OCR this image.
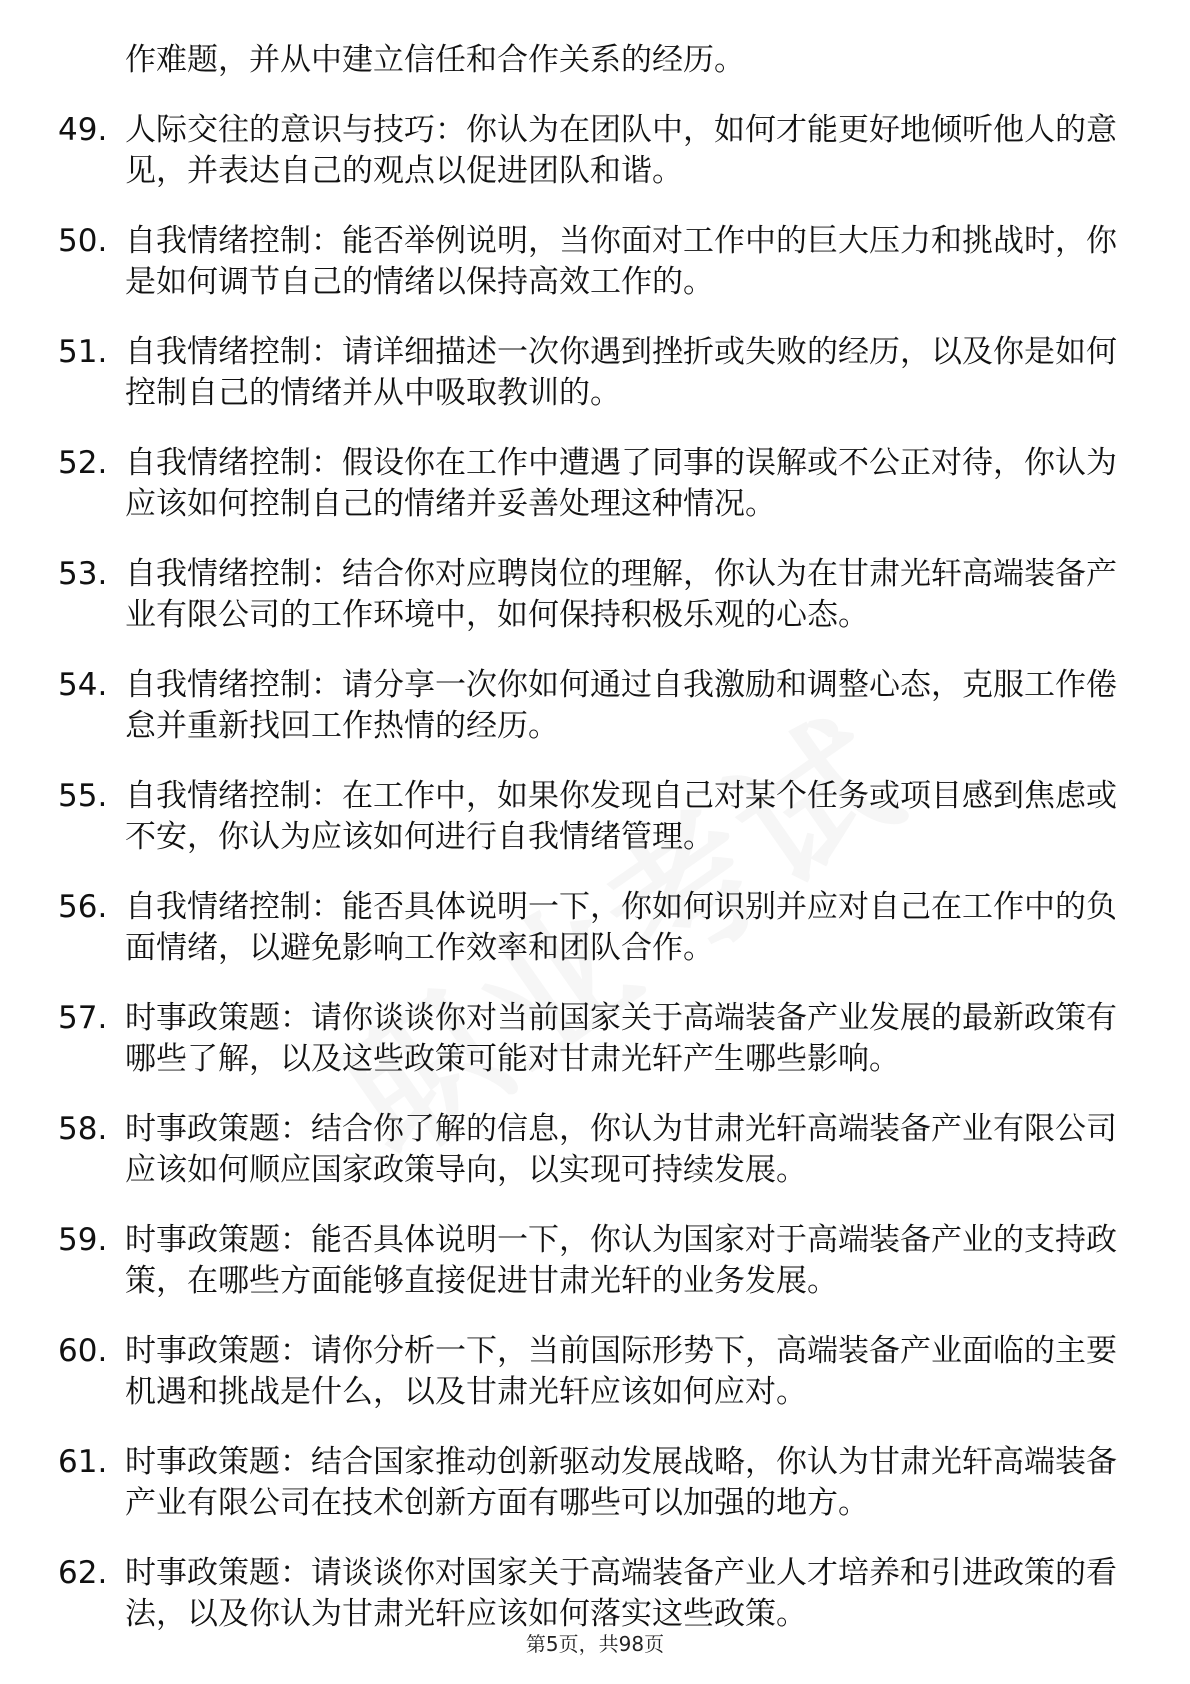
作难题，并从中建立信任和合作关系的经历。
49. 人际交往的意识与技巧：你认为在团队中，如何才能更好地倾听他人的意见，并表达自己的观点以促进团队和谐。
50. 自我情绪控制：能否举例说明，当你面对工作中的巨大压力和挑战时，你是如何调节自己的情绪以保持高效工作的。
51. 自我情绪控制：请详细描述一次你遇到挫折或失败的经历，以及你是如何控制自己的情绪并从中吸取教训的。
52. 自我情绪控制：假设你在工作中遭遇了同事的误解或不公正对待，你认为应该如何控制自己的情绪并妥善处理这种情况。
53. 自我情绪控制：结合你对应聘岗位的理解，你认为在甘肃光轩高端装备产业有限公司的工作环境中，如何保持积极乐观的心态。
54. 自我情绪控制：请分享一次你如何通过自我激励和调整心态，克服工作倦怠并重新找回工作热情的经历。
55. 自我情绪控制：在工作中，如果你发现自己对某个任务或项目感到焦虑或不安，你认为应该如何进行自我情绪管理。
56. 自我情绪控制：能否具体说明一下，你如何识别并应对自己在工作中的负面情绪，以避免影响工作效率和团队合作。
57. 时事政策题：请你谈谈你对当前国家关于高端装备产业发展的最新政策有哪些了解，以及这些政策可能对甘肃光轩产生哪些影响。
58. 时事政策题：结合你了解的信息，你认为甘肃光轩高端装备产业有限公司应该如何顺应国家政策导向，以实现可持续发展。
59. 时事政策题：能否具体说明一下，你认为国家对于高端装备产业的支持政策，在哪些方面能够直接促进甘肃光轩的业务发展。
60. 时事政策题：请你分析一下，当前国际形势下，高端装备产业面临的主要机遇和挑战是什么，以及甘肃光轩应该如何应对。
61. 时事政策题：结合国家推动创新驱动发展战略，你认为甘肃光轩高端装备产业有限公司在技术创新方面有哪些可以加强的地方。
62. 时事政策题：请谈谈你对国家关于高端装备产业人才培养和引进政策的看法，以及你认为甘肃光轩应该如何落实这些政策。
第5页，共98页
